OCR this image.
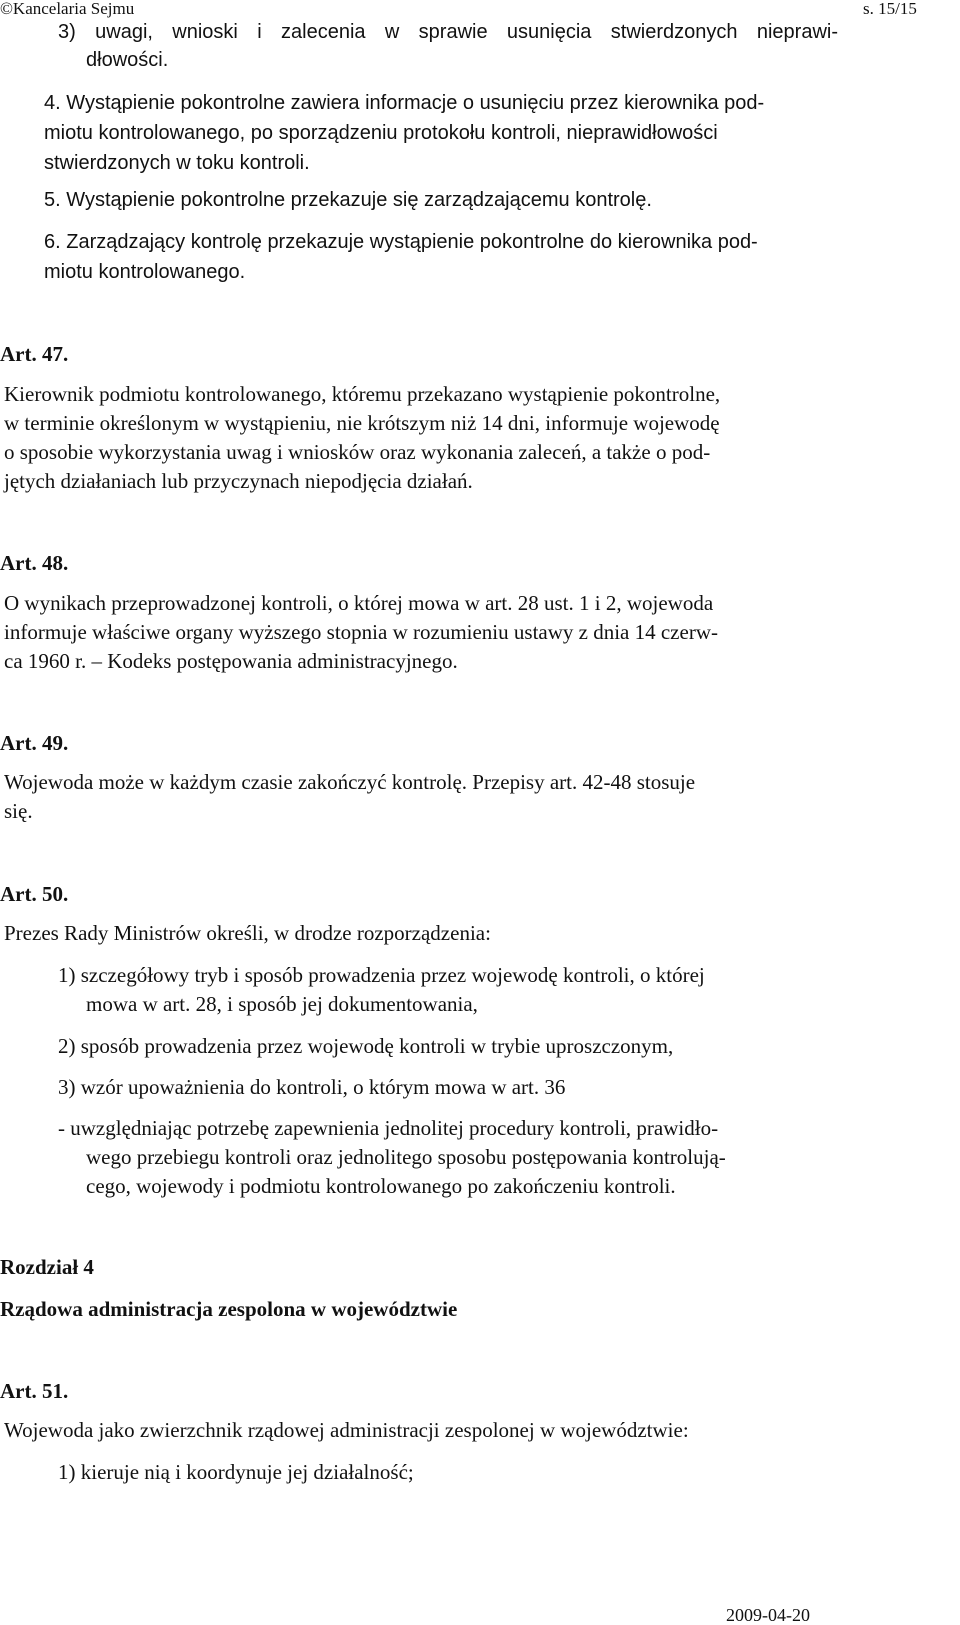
©Kancelaria Sejmu	s. 15/15
3) uwagi, wnioski i zalecenia w sprawie usunięcia stwierdzonych nieprawi-
dłowości.
4. Wystąpienie pokontrolne zawiera informacje o usunięciu przez kierownika pod-
miotu kontrolowanego, po sporządzeniu protokołu kontroli, nieprawidłowości
stwierdzonych w toku kontroli.
5. Wystąpienie pokontrolne przekazuje się zarządzającemu kontrolę.
6. Zarządzający kontrolę przekazuje wystąpienie pokontrolne do kierownika pod-
miotu kontrolowanego.
Art. 47.
Kierownik podmiotu kontrolowanego, któremu przekazano wystąpienie pokontrolne,
w terminie określonym w wystąpieniu, nie krótszym niż 14 dni, informuje wojewodę
o sposobie wykorzystania uwag i wniosków oraz wykonania zaleceń, a także o pod-
jętych działaniach lub przyczynach niepodjęcia działań.
Art. 48.
O wynikach przeprowadzonej kontroli, o której mowa w art. 28 ust. 1 i 2, wojewoda
informuje właściwe organy wyższego stopnia w rozumieniu ustawy z dnia 14 czerw-
ca 1960 r. – Kodeks postępowania administracyjnego.
Art. 49.
Wojewoda może w każdym czasie zakończyć kontrolę. Przepisy art. 42-48 stosuje
się.
Art. 50.
Prezes Rady Ministrów określi, w drodze rozporządzenia:
1) szczegółowy tryb i sposób prowadzenia przez wojewodę kontroli, o której
mowa w art. 28, i sposób jej dokumentowania,
2) sposób prowadzenia przez wojewodę kontroli w trybie uproszczonym,
3) wzór upoważnienia do kontroli, o którym mowa w art. 36
- uwzględniając potrzebę zapewnienia jednolitej procedury kontroli, prawidło-
wego przebiegu kontroli oraz jednolitego sposobu postępowania kontrolują-
cego, wojewody i podmiotu kontrolowanego po zakończeniu kontroli.
Rozdział 4
Rządowa administracja zespolona w województwie
Art. 51.
Wojewoda jako zwierzchnik rządowej administracji zespolonej w województwie:
1) kieruje nią i koordynuje jej działalność;
2009-04-20
